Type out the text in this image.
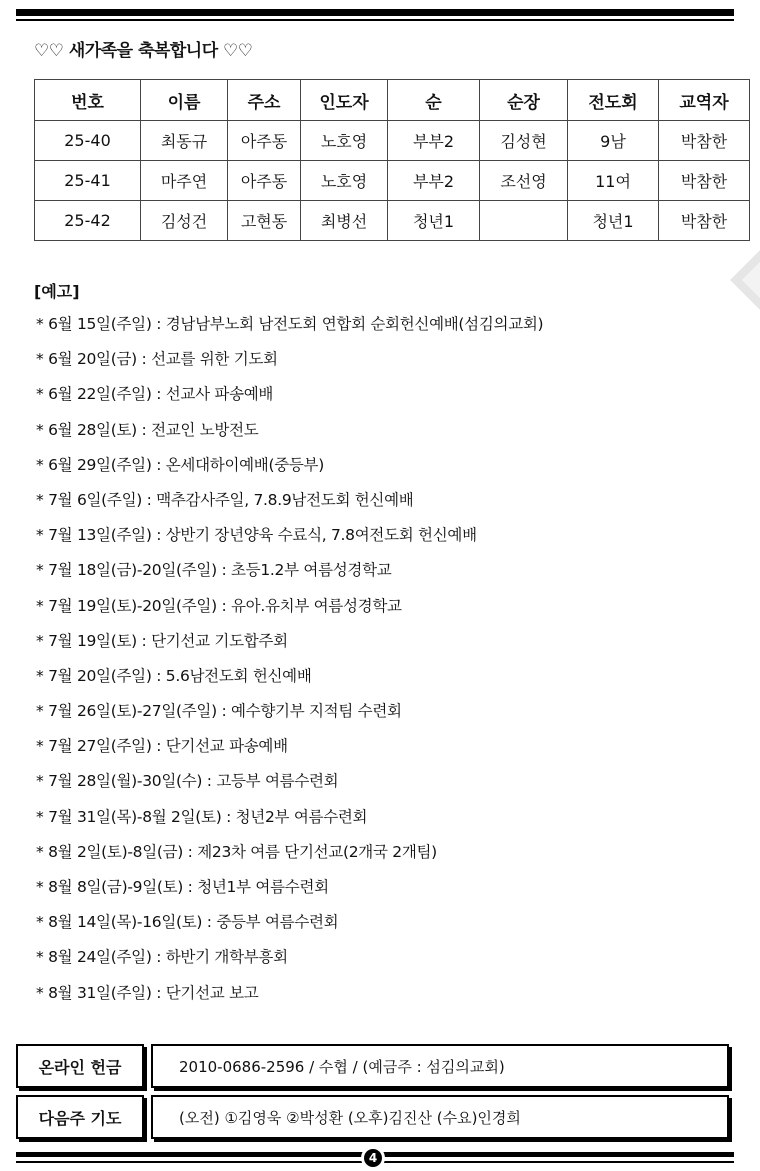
♡♡ 새가족을 축복합니다 ♡♡
번호	이름	주소	인도자	순	순장	전도회	교역자
25-40	최동규	아주동	노호영	부부2	김성현	9남	박참한
25-41	마주연	아주동	노호영	부부2	조선영	11여	박참한
25-42	김성건	고현동	최병선	청년1		청년1	박참한
[예고]
* 6월 15일(주일) : 경남남부노회 남전도회 연합회 순회헌신예배(섬김의교회)
* 6월 20일(금) : 선교를 위한 기도회
* 6월 22일(주일) : 선교사 파송예배
* 6월 28일(토) : 전교인 노방전도
* 6월 29일(주일) : 온세대하이예배(중등부)
* 7월 6일(주일) : 맥추감사주일, 7.8.9남전도회 헌신예배
* 7월 13일(주일) : 상반기 장년양육 수료식, 7.8여전도회 헌신예배
* 7월 18일(금)-20일(주일) : 초등1.2부 여름성경학교
* 7월 19일(토)-20일(주일) : 유아.유치부 여름성경학교
* 7월 19일(토) : 단기선교 기도합주회
* 7월 20일(주일) : 5.6남전도회 헌신예배
* 7월 26일(토)-27일(주일) : 예수향기부 지적팀 수련회
* 7월 27일(주일) : 단기선교 파송예배
* 7월 28일(월)-30일(수) : 고등부 여름수련회
* 7월 31일(목)-8월 2일(토) : 청년2부 여름수련회
* 8월 2일(토)-8일(금) : 제23차 여름 단기선교(2개국 2개팀)
* 8월 8일(금)-9일(토) : 청년1부 여름수련회
* 8월 14일(목)-16일(토) : 중등부 여름수련회
* 8월 24일(주일) : 하반기 개학부흥회
* 8월 31일(주일) : 단기선교 보고
온라인 헌금	2010-0686-2596 / 수협 / (예금주 : 섬김의교회)
다음주 기도	(오전) ①김영욱 ②박성환 (오후)김진산 (수요)인경희
4
